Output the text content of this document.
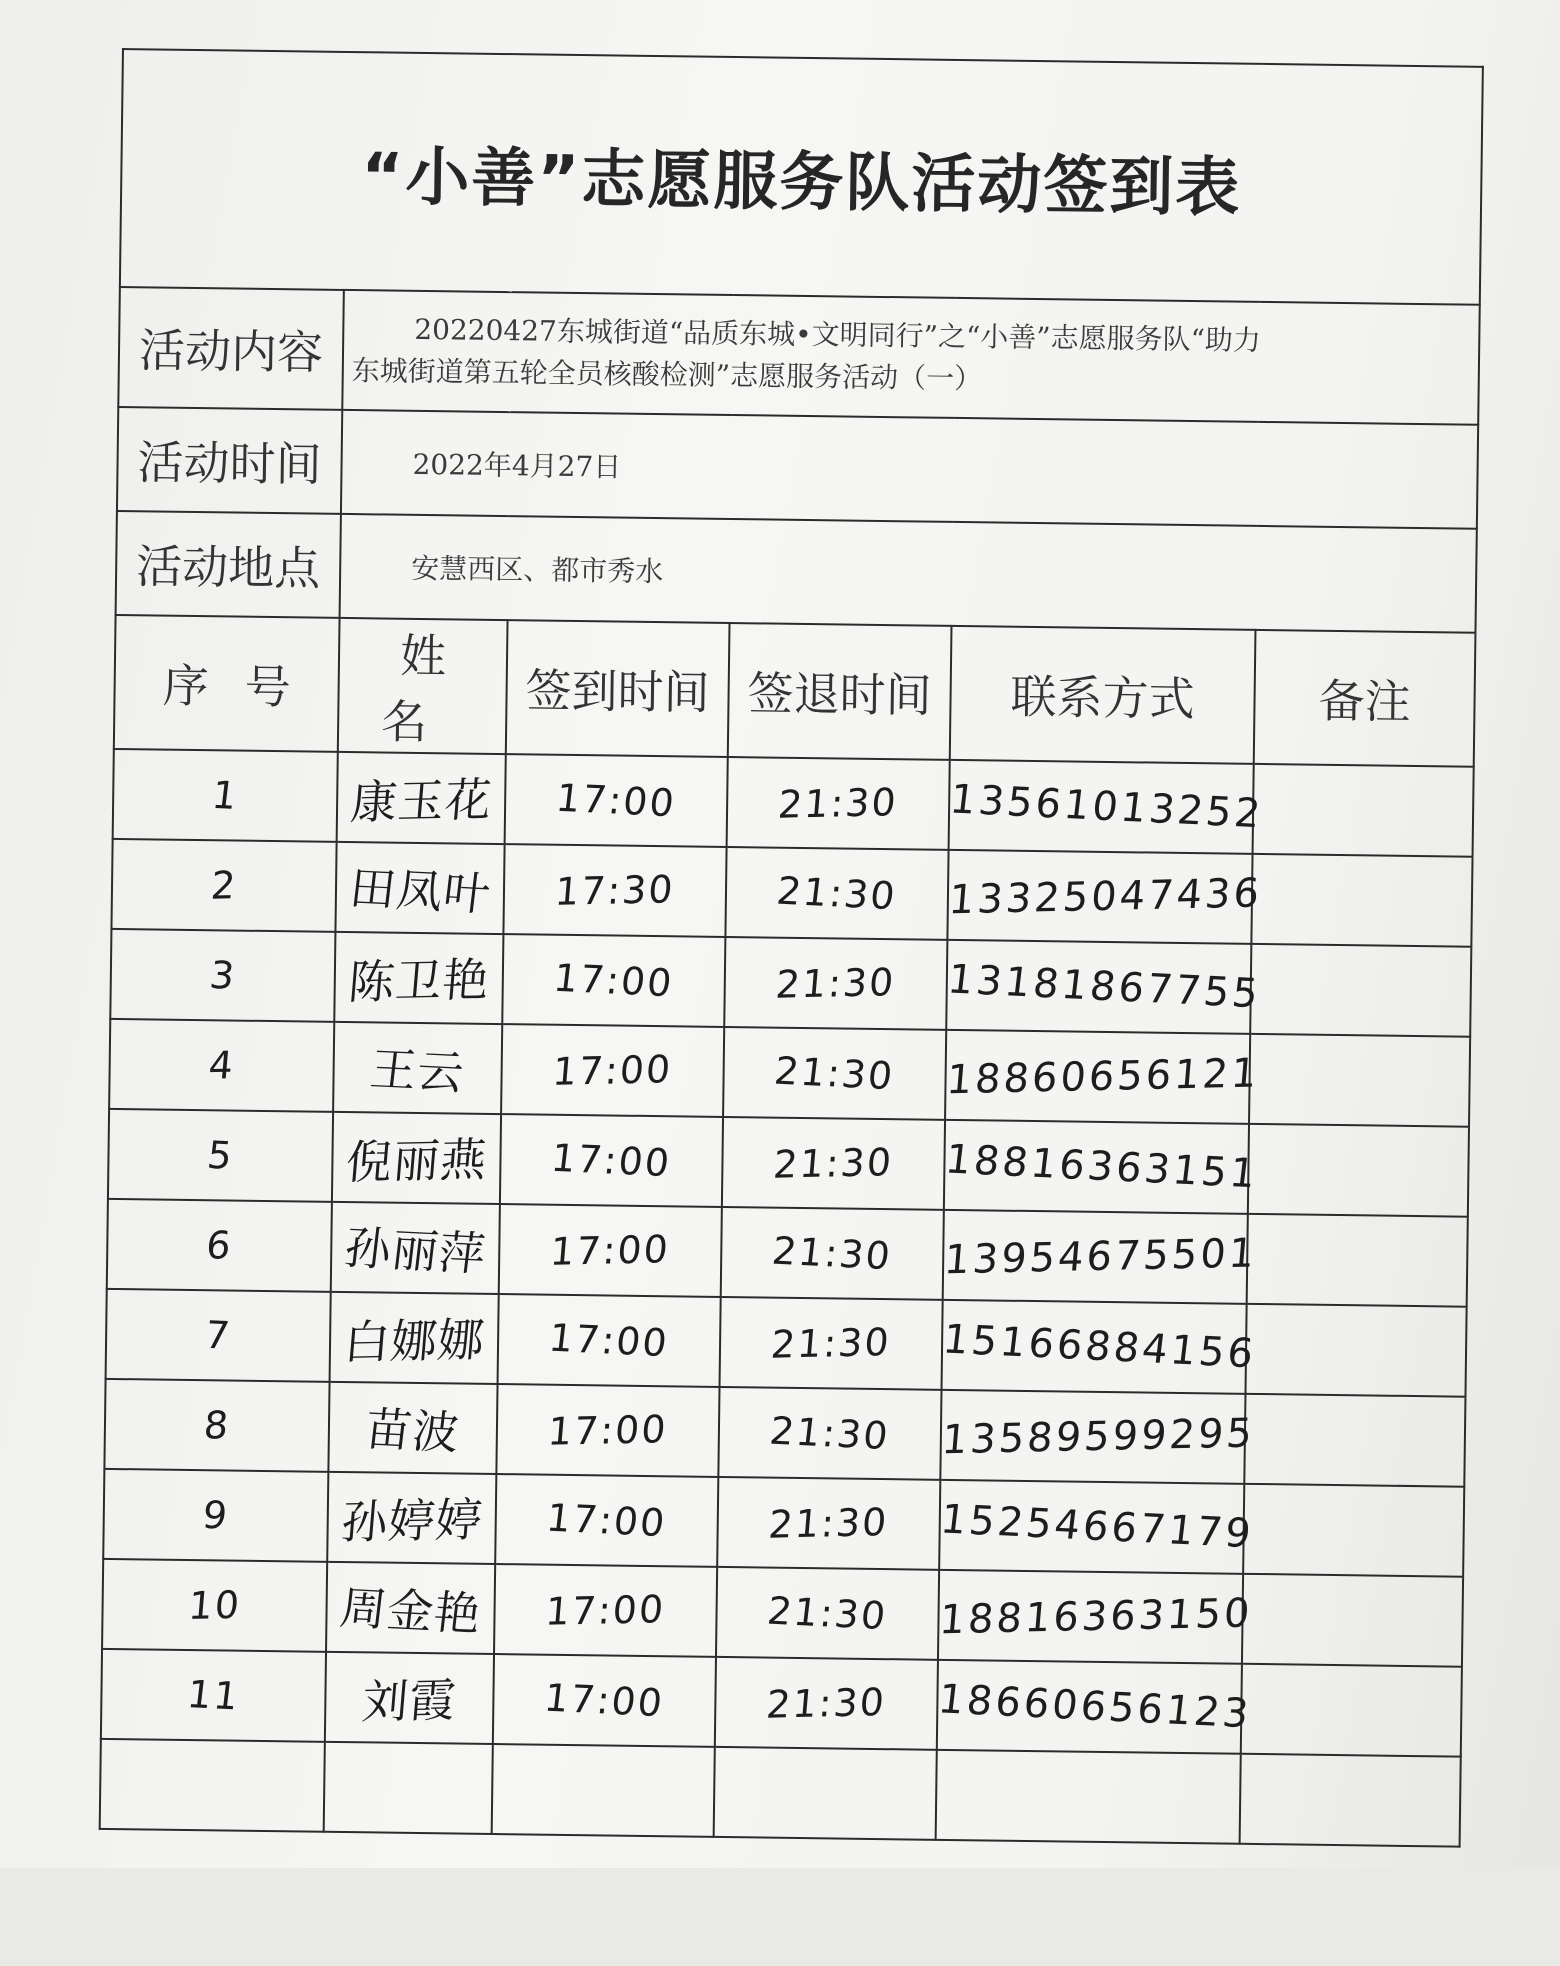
“小善”志愿服务队活动签到表					
活动内容	20220427东城街道“品质东城•文明同行”之“小善”志愿服务队“助力
东城街道第五轮全员核酸检测”志愿服务活动（一）				

活动时间	2022年4月27日				
活动地点	安慧西区、都市秀水				
序号	姓名	签到时间	签退时间	联系方式	备注
1	康玉花	17:00	21:30	13561013252	
2	田凤叶	17:30	21:30	13325047436	
3	陈卫艳	17:00	21:30	13181867755	
4	王云	17:00	21:30	18860656121	
5	倪丽燕	17:00	21:30	18816363151	
6	孙丽萍	17:00	21:30	13954675501	
7	白娜娜	17:00	21:30	15166884156	
8	苗波	17:00	21:30	13589599295	
9	孙婷婷	17:00	21:30	15254667179	
10	周金艳	17:00	21:30	18816363150	
11	刘霞	17:00	21:30	18660656123	
